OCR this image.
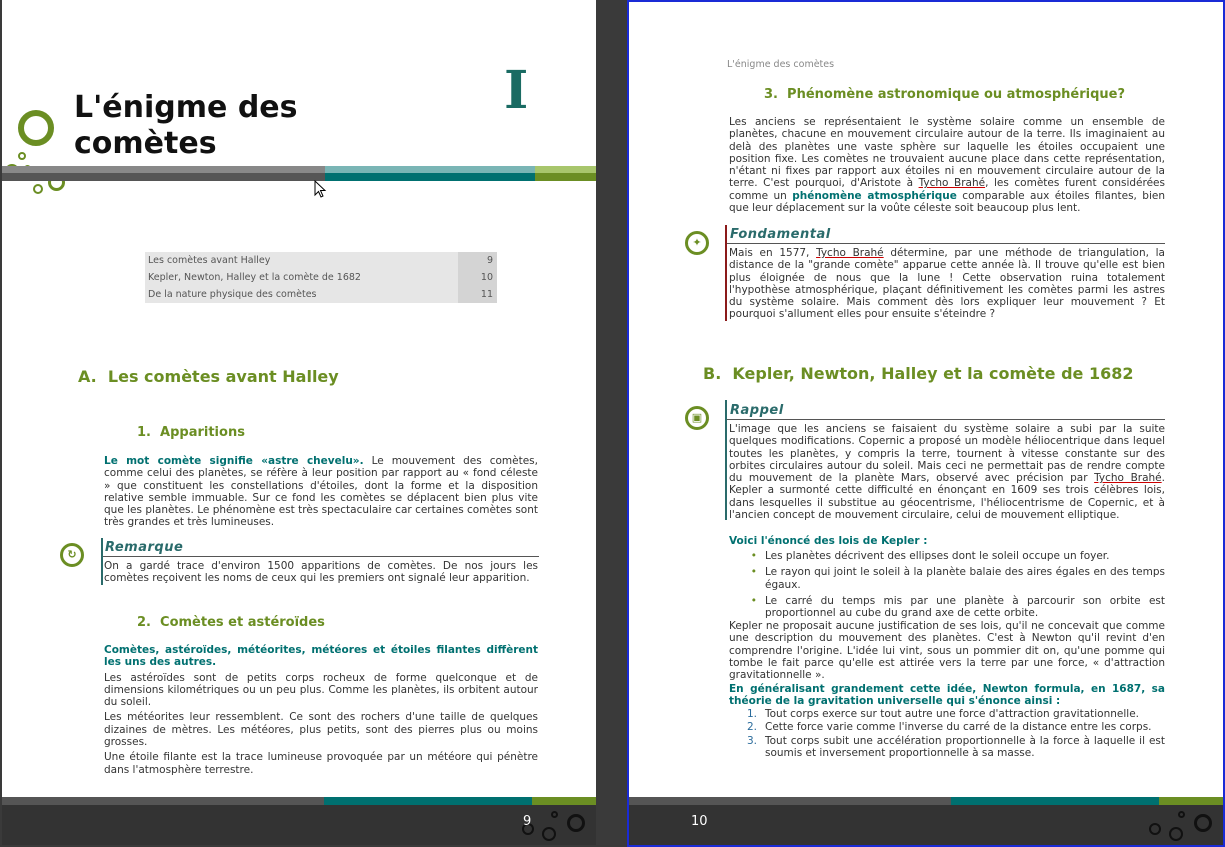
L'énigme des comètes
I
Les comètes avant Halley	9
Kepler, Newton, Halley et la comète de 1682	10
De la nature physique des comètes	11
A.  Les comètes avant Halley
1.  Apparitions
Le mot comète signifie «astre chevelu». Le mouvement des comètes, comme celui des planètes, se réfère à leur position par rapport au « fond céleste » que constituent les constellations d'étoiles, dont la forme et la disposition relative semble immuable. Sur ce fond les comètes se déplacent bien plus vite que les planètes. Le phénomène est très spectaculaire car certaines comètes sont très grandes et très lumineuses.
↻	Remarque
On a gardé trace d'environ 1500 apparitions de comètes. De nos jours les comètes reçoivent les noms de ceux qui les premiers ont signalé leur apparition.
2.  Comètes et astéroïdes

Comètes, astéroïdes, météorites, météores et étoiles filantes diffèrent les uns des autres.

Les astéroïdes sont de petits corps rocheux de forme quelconque et de dimensions kilométriques ou un peu plus. Comme les planètes, ils orbitent autour du soleil.

Les météorites leur ressemblent. Ce sont des rochers d'une taille de quelques dizaines de mètres. Les météores, plus petits, sont des pierres plus ou moins grosses.

Une étoile filante est la trace lumineuse provoquée par un météore qui pénètre dans l'atmosphère terrestre.

9
L'énigme des comètes
3.  Phénomène astronomique ou atmosphérique?
Les anciens se représentaient le système solaire comme un ensemble de planètes, chacune en mouvement circulaire autour de la terre. Ils imaginaient au delà des planètes une vaste sphère sur laquelle les étoiles occupaient une position fixe. Les comètes ne trouvaient aucune place dans cette représentation, n'étant ni fixes par rapport aux étoiles ni en mouvement circulaire autour de la terre. C'est pourquoi, d'Aristote à Tycho Brahé, les comètes furent considérées comme un phénomène atmosphérique comparable aux étoiles filantes, bien que leur déplacement sur la voûte céleste soit beaucoup plus lent.
✦
Fondamental
Mais en 1577, Tycho Brahé détermine, par une méthode de triangulation, la distance de la "grande comète" apparue cette année là. Il trouve qu'elle est bien plus éloignée de nous que la lune ! Cette observation ruina totalement l'hypothèse atmosphérique, plaçant définitivement les comètes parmi les astres du système solaire. Mais comment dès lors expliquer leur mouvement ? Et pourquoi s'allument elles pour ensuite s'éteindre ?
B.  Kepler, Newton, Halley et la comète de 1682
▣	Rappel
L'image que les anciens se faisaient du système solaire a subi par la suite quelques modifications. Copernic a proposé un modèle héliocentrique dans lequel toutes les planètes, y compris la terre, tournent à vitesse constante sur des orbites circulaires autour du soleil. Mais ceci ne permettait pas de rendre compte du mouvement de la planète Mars, observé avec précision par Tycho Brahé. Kepler a surmonté cette difficulté en énonçant en 1609 ses trois célèbres lois, dans lesquelles il substitue au géocentrisme, l'héliocentrisme de Copernic, et à l'ancien concept de mouvement circulaire, celui de mouvement elliptique.
Voici l'énoncé des lois de Kepler :
• Les planètes décrivent des ellipses dont le soleil occupe un foyer.
• Le rayon qui joint le soleil à la planète balaie des aires égales en des temps égaux.
• Le carré du temps mis par une planète à parcourir son orbite est proportionnel au cube du grand axe de cette orbite.
Kepler ne proposait aucune justification de ses lois, qu'il ne concevait que comme une description du mouvement des planètes. C'est à Newton qu'il revint d'en comprendre l'origine. L'idée lui vint, sous un pommier dit on, qu'une pomme qui tombe le fait parce qu'elle est attirée vers la terre par une force, « d'attraction gravitationnelle ».
En généralisant grandement cette idée, Newton formula, en 1687, sa théorie de la gravitation universelle qui s'énonce ainsi :
1. Tout corps exerce sur tout autre une force d'attraction gravitationnelle.
2. Cette force varie comme l'inverse du carré de la distance entre les corps.
3. Tout corps subit une accélération proportionnelle à la force à laquelle il est soumis et inversement proportionnelle à sa masse.
10
